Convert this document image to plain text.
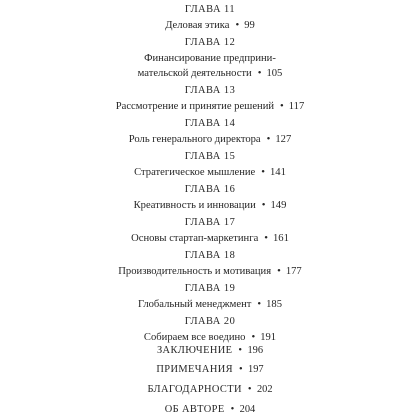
ГЛАВА 11
Деловая этика • 99
ГЛАВА 12
Финансирование предприни-
мательской деятельности • 105
ГЛАВА 13
Рассмотрение и принятие решений • 117
ГЛАВА 14
Роль генерального директора • 127
ГЛАВА 15
Стратегическое мышление • 141
ГЛАВА 16
Креативность и инновации • 149
ГЛАВА 17
Основы стартап-маркетинга • 161
ГЛАВА 18
Производительность и мотивация • 177
ГЛАВА 19
Глобальный менеджмент • 185
ГЛАВА 20
Собираем все воедино • 191
ЗАКЛЮЧЕНИЕ • 196
ПРИМЕЧАНИЯ • 197
БЛАГОДАРНОСТИ • 202
ОБ АВТОРЕ • 204
